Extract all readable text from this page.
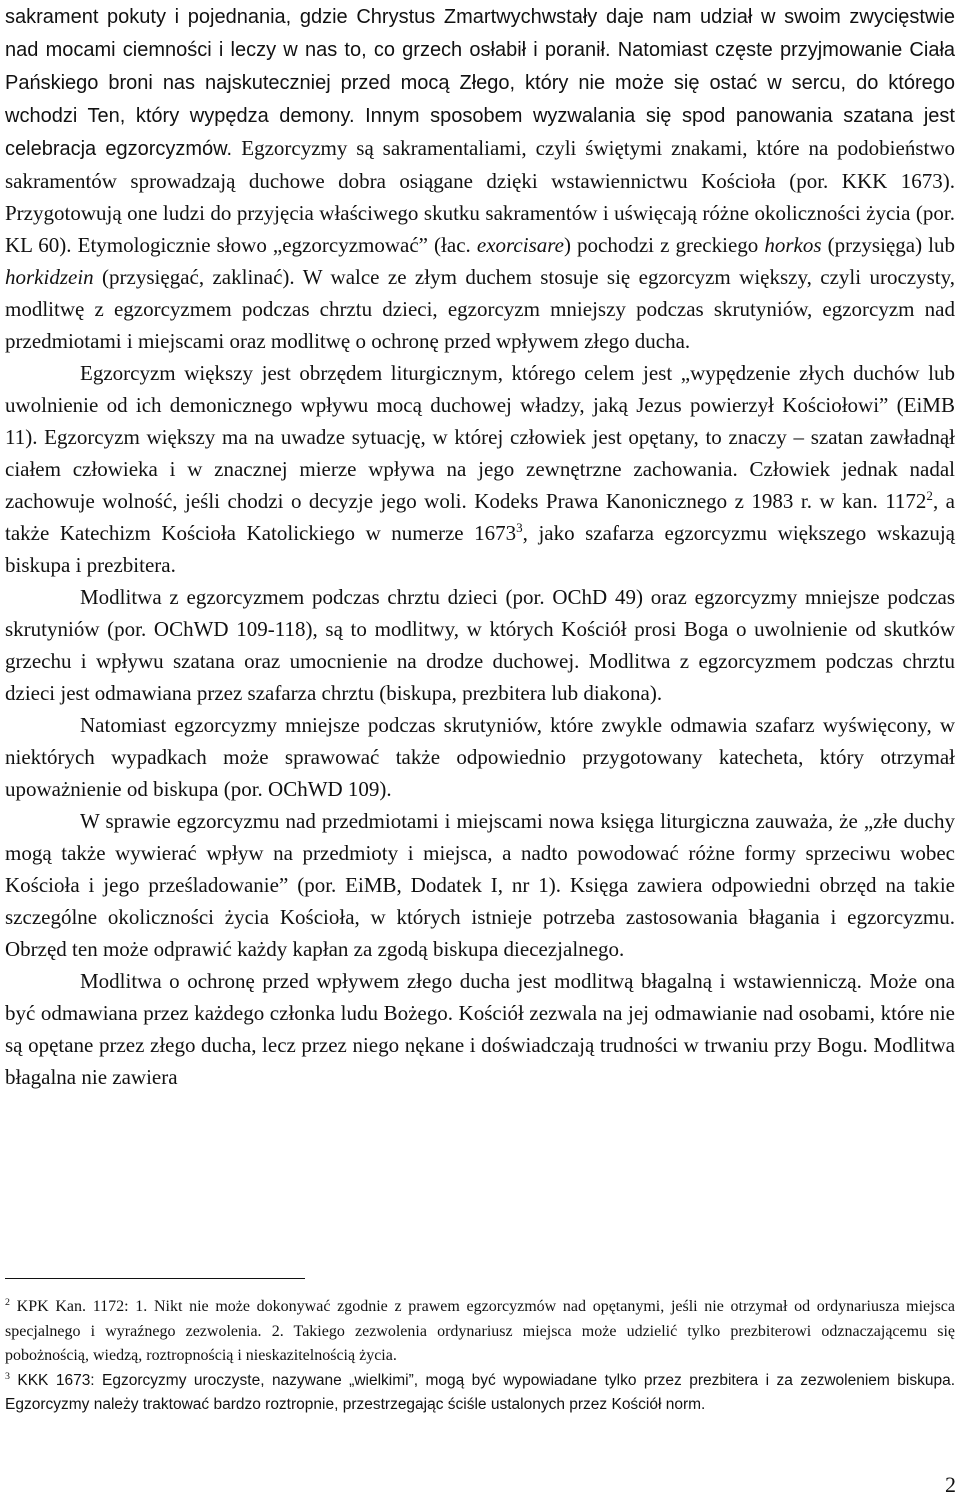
sakrament pokuty i pojednania, gdzie Chrystus Zmartwychwstały daje nam udział w swoim zwycięstwie nad mocami ciemności i leczy w nas to, co grzech osłabił i poranił. Natomiast częste przyjmowanie Ciała Pańskiego broni nas najskuteczniej przed mocą Złego, który nie może się ostać w sercu, do którego wchodzi Ten, który wypędza demony. Innym sposobem wyzwalania się spod panowania szatana jest celebracja egzorcyzmów. Egzorcyzmy są sakramentaliami, czyli świętymi znakami, które na podobieństwo sakramentów sprowadzają duchowe dobra osiągane dzięki wstawiennictwu Kościoła (por. KKK 1673). Przygotowują one ludzi do przyjęcia właściwego skutku sakramentów i uświęcają różne okoliczności życia (por. KL 60). Etymologicznie słowo „egzorcyzmować” (łac. exorcisare) pochodzi z greckiego horkos (przysięga) lub horkidzein (przysięgać, zaklinać). W walce ze złym duchem stosuje się egzorcyzm większy, czyli uroczysty, modlitwę z egzorcyzmem podczas chrztu dzieci, egzorcyzm mniejszy podczas skrutyniów, egzorcyzm nad przedmiotami i miejscami oraz modlitwę o ochronę przed wpływem złego ducha.

Egzorcyzm większy jest obrzędem liturgicznym, którego celem jest „wypędzenie złych duchów lub uwolnienie od ich demonicznego wpływu mocą duchowej władzy, jaką Jezus powierzył Kościołowi” (EiMB 11). Egzorcyzm większy ma na uwadze sytuację, w której człowiek jest opętany, to znaczy – szatan zawładnął ciałem człowieka i w znacznej mierze wpływa na jego zewnętrzne zachowania. Człowiek jednak nadal zachowuje wolność, jeśli chodzi o decyzje jego woli. Kodeks Prawa Kanonicznego z 1983 r. w kan. 1172$^2$, a także Katechizm Kościoła Katolickiego w numerze 1673$^3$, jako szafarza egzorcyzmu większego wskazują biskupa i prezbitera.

Modlitwa z egzorcyzmem podczas chrztu dzieci (por. OChD 49) oraz egzorcyzmy mniejsze podczas skrutyniów (por. OChWD 109-118), są to modlitwy, w których Kościół prosi Boga o uwolnienie od skutków grzechu i wpływu szatana oraz umocnienie na drodze duchowej. Modlitwa z egzorcyzmem podczas chrztu dzieci jest odmawiana przez szafarza chrztu (biskupa, prezbitera lub diakona).

Natomiast egzorcyzmy mniejsze podczas skrutyniów, które zwykle odmawia szafarz wyświęcony, w niektórych wypadkach może sprawować także odpowiednio przygotowany katecheta, który otrzymał upoważnienie od biskupa (por. OChWD 109).

W sprawie egzorcyzmu nad przedmiotami i miejscami nowa księga liturgiczna zauważa, że „złe duchy mogą także wywierać wpływ na przedmioty i miejsca, a nadto powodować różne formy sprzeciwu wobec Kościoła i jego prześladowanie” (por. EiMB, Dodatek I, nr 1). Księga zawiera odpowiedni obrzęd na takie szczególne okoliczności życia Kościoła, w których istnieje potrzeba zastosowania błagania i egzorcyzmu. Obrzęd ten może odprawić każdy kapłan za zgodą biskupa diecezjalnego.

Modlitwa o ochronę przed wpływem złego ducha jest modlitwą błagalną i wstawienniczą. Może ona być odmawiana przez każdego członka ludu Bożego. Kościół zezwala na jej odmawianie nad osobami, które nie są opętane przez złego ducha, lecz przez niego nękane i doświadczają trudności w trwaniu przy Bogu. Modlitwa błagalna nie zawiera

$^2$ KPK Kan. 1172: 1. Nikt nie może dokonywać zgodnie z prawem egzorcyzmów nad opętanymi, jeśli nie otrzymał od ordynariusza miejsca specjalnego i wyraźnego zezwolenia. 2. Takiego zezwolenia ordynariusz miejsca może udzielić tylko prezbiterowi odznaczającemu się pobożnością, wiedzą, roztropnością i nieskazitelnością życia.

$^3$ KKK 1673: Egzorcyzmy uroczyste, nazywane „wielkimi”, mogą być wypowiadane tylko przez prezbitera i za zezwoleniem biskupa. Egzorcyzmy należy traktować bardzo roztropnie, przestrzegając ściśle ustalonych przez Kościół norm.

2
